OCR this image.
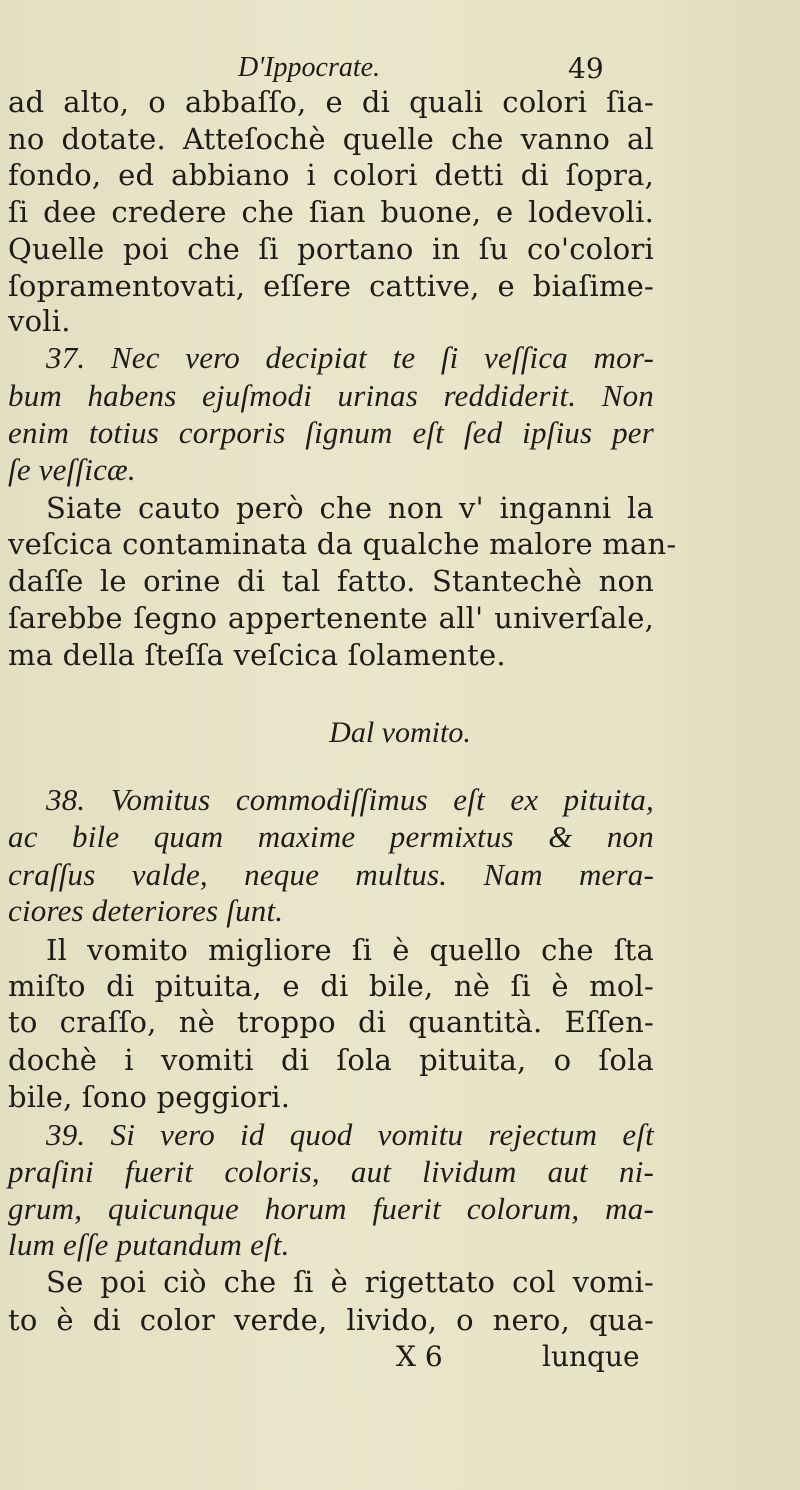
D'Ippocrate.	49
ad alto, o abbaſſo, e di quali colori ſia-
no dotate. Atteſochè quelle che vanno al
fondo, ed abbiano i colori detti di ſopra,
ſi dee credere che ſian buone, e lodevoli.
Quelle poi che ſi portano in ſu co'colori
ſopramentovati, eſſere cattive, e biaſime-
voli.
37. Nec vero decipiat te ſi veſſica mor-
bum habens ejuſmodi urinas reddiderit. Non
enim totius corporis ſignum eſt ſed ipſius per
ſe veſſicæ.
Siate cauto però che non v' inganni la
veſcica contaminata da qualche malore man-
daſſe le orine di tal fatto. Stantechè non
ſarebbe ſegno appertenente all' univerſale,
ma della ſteſſa veſcica ſolamente.
Dal vomito.
38. Vomitus commodiſſimus eſt ex pituita,
ac bile quam maxime permixtus & non
craſſus valde, neque multus. Nam mera-
ciores deteriores ſunt.
Il vomito migliore ſi è quello che ſta
miſto di pituita, e di bile, nè ſi è mol-
to craſſo, nè troppo di quantità. Eſſen-
dochè i vomiti di ſola pituita, o ſola
bile, ſono peggiori.
39. Si vero id quod vomitu rejectum eſt
praſini fuerit coloris, aut lividum aut ni-
grum, quicunque horum fuerit colorum, ma-
lum eſſe putandum eſt.
Se poi ciò che ſi è rigettato col vomi-
to è di color verde, livido, o nero, qua-
X 6	lunque
